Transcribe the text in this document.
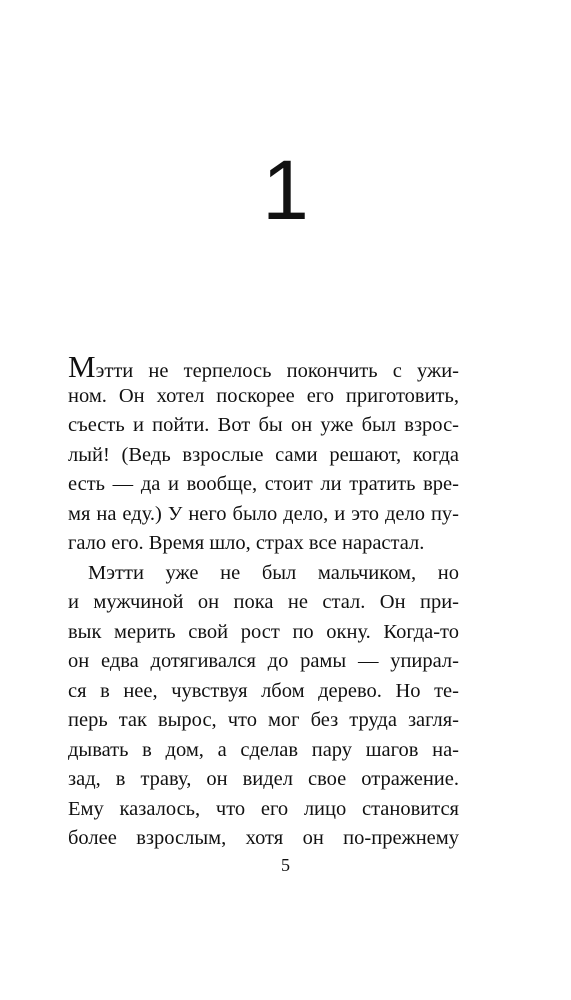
1
Мэтти не терпелось покончить с ужи-
ном. Он хотел поскорее его приготовить,
съесть и пойти. Вот бы он уже был взрос-
лый! (Ведь взрослые сами решают, когда
есть — да и вообще, стоит ли тратить вре-
мя на еду.) У него было дело, и это дело пу-
гало его. Время шло, страх все нарастал.
Мэтти уже не был мальчиком, но
и мужчиной он пока не стал. Он при-
вык мерить свой рост по окну. Когда-то
он едва дотягивался до рамы — упирал-
ся в нее, чувствуя лбом дерево. Но те-
перь так вырос, что мог без труда загля-
дывать в дом, а сделав пару шагов на-
зад, в траву, он видел свое отражение.
Ему казалось, что его лицо становится
более взрослым, хотя он по-прежнему
5
